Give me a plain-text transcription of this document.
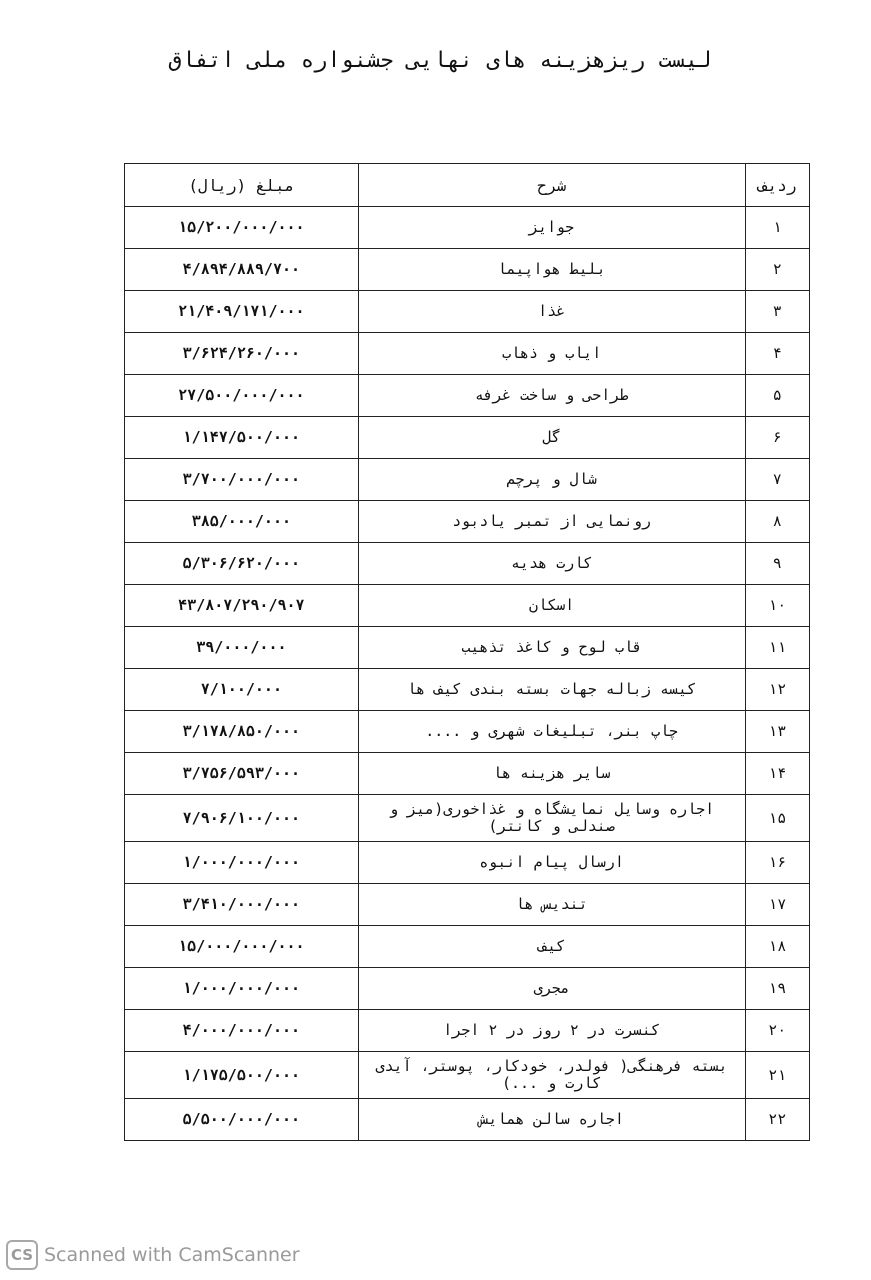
لیست ریزهزینه های نهایی جشنواره ملی اتفاق
ردیف	شرح	مبلغ (ریال)
۱	جوایز	۱۵/۲۰۰/۰۰۰/۰۰۰
۲	بلیط هواپیما	۴/۸۹۴/۸۸۹/۷۰۰
۳	غذا	۲۱/۴۰۹/۱۷۱/۰۰۰
۴	ایاب و ذهاب	۳/۶۲۴/۲۶۰/۰۰۰
۵	طراحی و ساخت غرفه	۲۷/۵۰۰/۰۰۰/۰۰۰
۶	گل	۱/۱۴۷/۵۰۰/۰۰۰
۷	شال و پرچم	۳/۷۰۰/۰۰۰/۰۰۰
۸	رونمایی از تمبر یادبود	۳۸۵/۰۰۰/۰۰۰
۹	کارت هدیه	۵/۳۰۶/۶۲۰/۰۰۰
۱۰	اسکان	۴۳/۸۰۷/۲۹۰/۹۰۷
۱۱	قاب لوح و کاغذ تذهیب	۳۹/۰۰۰/۰۰۰
۱۲	کیسه زباله جهات بسته بندی کیف ها	۷/۱۰۰/۰۰۰
۱۳	چاپ بنر، تبلیغات شهری و ....	۳/۱۷۸/۸۵۰/۰۰۰
۱۴	سایر هزینه ها	۳/۷۵۶/۵۹۳/۰۰۰
۱۵	اجاره وسایل نمایشگاه و غذاخوری(میز و صندلی و کانتر)	۷/۹۰۶/۱۰۰/۰۰۰
۱۶	ارسال پیام انبوه	۱/۰۰۰/۰۰۰/۰۰۰
۱۷	تندیس ها	۳/۴۱۰/۰۰۰/۰۰۰
۱۸	کیف	۱۵/۰۰۰/۰۰۰/۰۰۰
۱۹	مجری	۱/۰۰۰/۰۰۰/۰۰۰
۲۰	کنسرت در ۲ روز در ۲ اجرا	۴/۰۰۰/۰۰۰/۰۰۰
۲۱	بسته فرهنگی( فولدر، خودکار، پوستر، آیدی کارت و ...)	۱/۱۷۵/۵۰۰/۰۰۰
۲۲	اجاره سالن همایش	۵/۵۰۰/۰۰۰/۰۰۰
CS Scanned with CamScanner
